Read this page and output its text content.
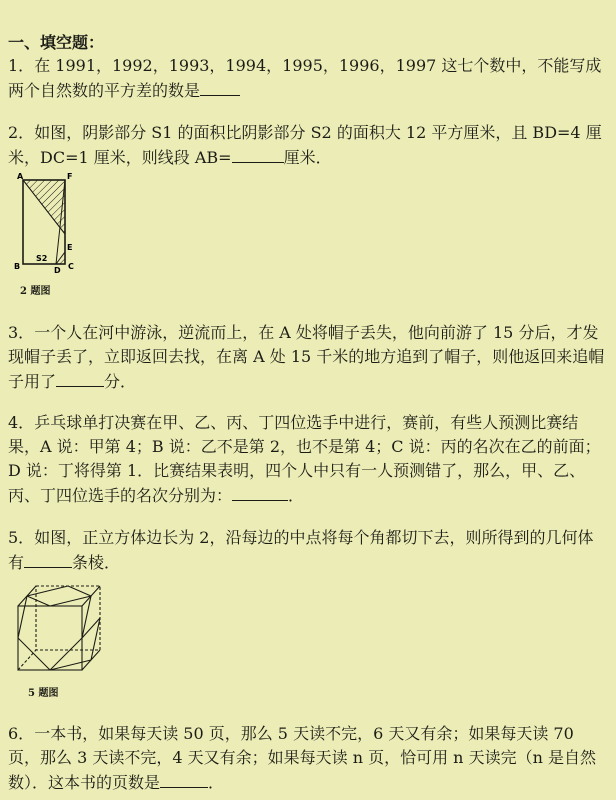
一、填空题：

1．在 1991，1992，1993，1994，1995，1996，1997 这七个数中，不能写成两个自然数的平方差的数是

2．如图，阴影部分 S1 的面积比阴影部分 S2 的面积大 12 平方厘米，且 BD=4 厘米，DC=1 厘米，则线段 AB=	厘米．

A	F
B
E
S2
D C
2 题图

3．一个人在河中游泳，逆流而上，在 A 处将帽子丢失，他向前游了 15 分后，才发现帽子丢了，立即返回去找，在离 A 处 15 千米的地方追到了帽子，则他返回来追帽子用了	分．

4．乒乓球单打决赛在甲、乙、丙、丁四位选手中进行，赛前，有些人预测比赛结果，A 说：甲第 4；B 说：乙不是第 2，也不是第 4；C 说：丙的名次在乙的前面；D 说：丁将得第 1．比赛结果表明，四个人中只有一人预测错了，那么，甲、乙、丙、丁四位选手的名次分别为：	．

5．如图，正立方体边长为 2，沿每边的中点将每个角都切下去，则所得到的几何体有	条棱．

5 题图

6．一本书，如果每天读 50 页，那么 5 天读不完，6 天又有余；如果每天读 70 页，那么 3 天读不完，4 天又有余；如果每天读 n 页，恰可用 n 天读完（n 是自然数）．这本书的页数是	．
